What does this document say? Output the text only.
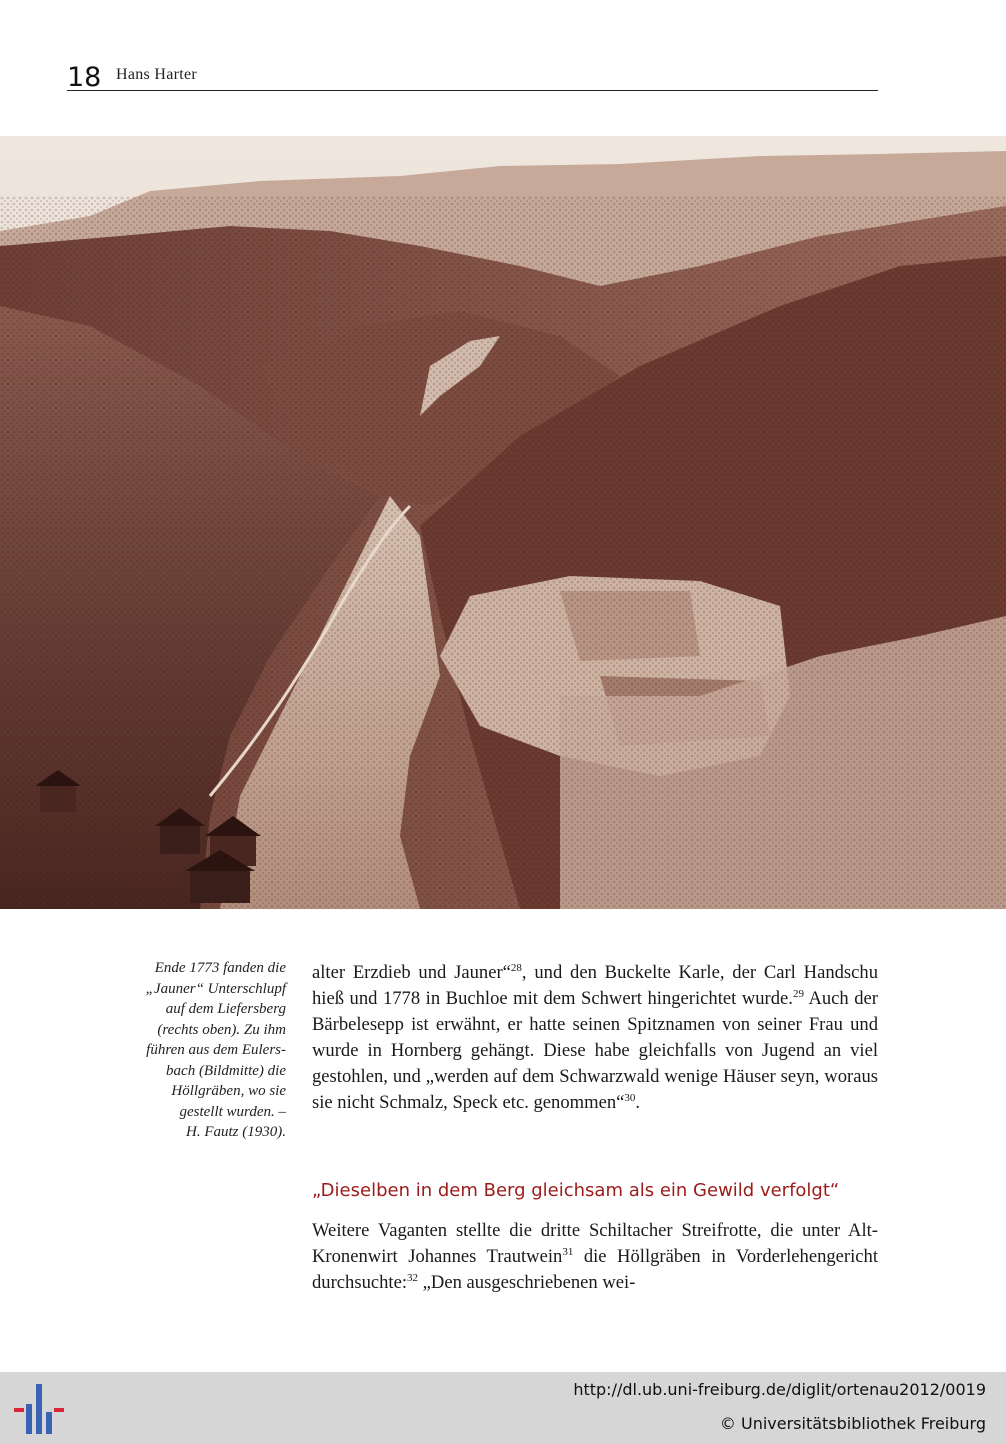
18 Hans Harter
Ende 1773 fanden die
„Jauner“ Unterschlupf
auf dem Liefersberg
(rechts oben). Zu ihm
führen aus dem Eulers-
bach (Bildmitte) die
Höllgräben, wo sie
gestellt wurden. –
H. Fautz (1930).

alter Erzdieb und Jauner“$^{28}$, und den Buckelte Karle, der Carl Handschu hieß und 1778 in Buchloe mit dem Schwert hingerichtet wurde.$^{29}$ Auch der Bärbelesepp ist erwähnt, er hatte seinen Spitznamen von seiner Frau und wurde in Hornberg gehängt. Diese habe gleichfalls von Jugend an viel gestohlen, und „werden auf dem Schwarzwald wenige Häuser seyn, woraus sie nicht Schmalz, Speck etc. genommen“$^{30}$.

„Dieselben in dem Berg gleichsam als ein Gewild verfolgt“

Weitere Vaganten stellte die dritte Schiltacher Streifrotte, die unter Alt-Kronenwirt Johannes Trautwein$^{31}$ die Höllgräben in Vorderlehengericht durchsuchte:$^{32}$ „Den ausgeschriebenen wei-

http://dl.ub.uni-freiburg.de/diglit/ortenau2012/0019
© Universitätsbibliothek Freiburg
